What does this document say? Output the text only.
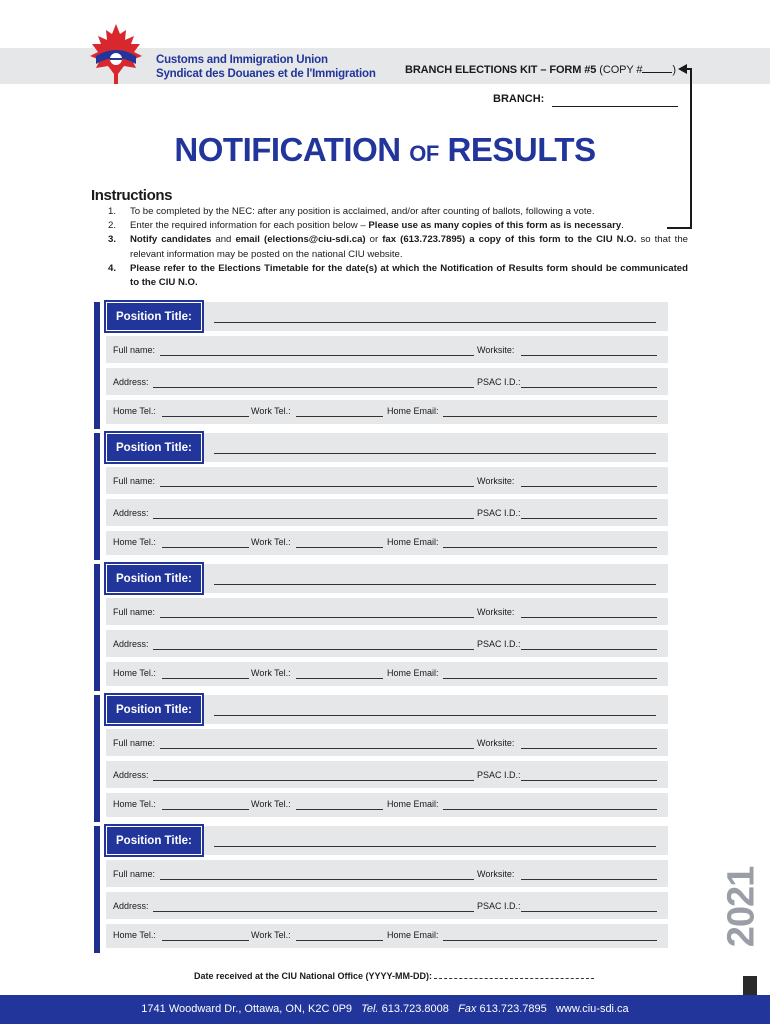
Customs and Immigration Union
Syndicat des Douanes et de l'Immigration	BRANCH ELECTIONS KIT – FORM #5 (COPY #	)
BRANCH:
NOTIFICATION OF RESULTS
Instructions
1. To be completed by the NEC: after any position is acclaimed, and/or after counting of ballots, following a vote.
2. Enter the required information for each position below – Please use as many copies of this form as is necessary.
3. Notify candidates and email (elections@ciu-sdi.ca) or fax (613.723.7895) a copy of this form to the CIU N.O. so that the relevant information may be posted on the national CIU website.
4. Please refer to the Elections Timetable for the date(s) at which the Notification of Results form should be communicated to the CIU N.O.
Position Title:
Full name:	Worksite:
Address:	PSAC I.D.:
Home Tel.:	Work Tel.:	Home Email:
Position Title:
Full name:	Worksite:
Address:	PSAC I.D.:
Home Tel.:	Work Tel.:	Home Email:
Position Title:
Full name:	Worksite:
Address:	PSAC I.D.:
Home Tel.:	Work Tel.:	Home Email:
Position Title:
Full name:	Worksite:
Address:	PSAC I.D.:
Home Tel.:	Work Tel.:	Home Email:
Position Title:
Full name:	Worksite:
Address:	PSAC I.D.:
Home Tel.:	Work Tel.:	Home Email:	2021
Date received at the CIU National Office (YYYY-MM-DD):
1741 Woodward Dr., Ottawa, ON, K2C 0P9 Tel. 613.723.8008 Fax 613.723.7895 www.ciu-sdi.ca
